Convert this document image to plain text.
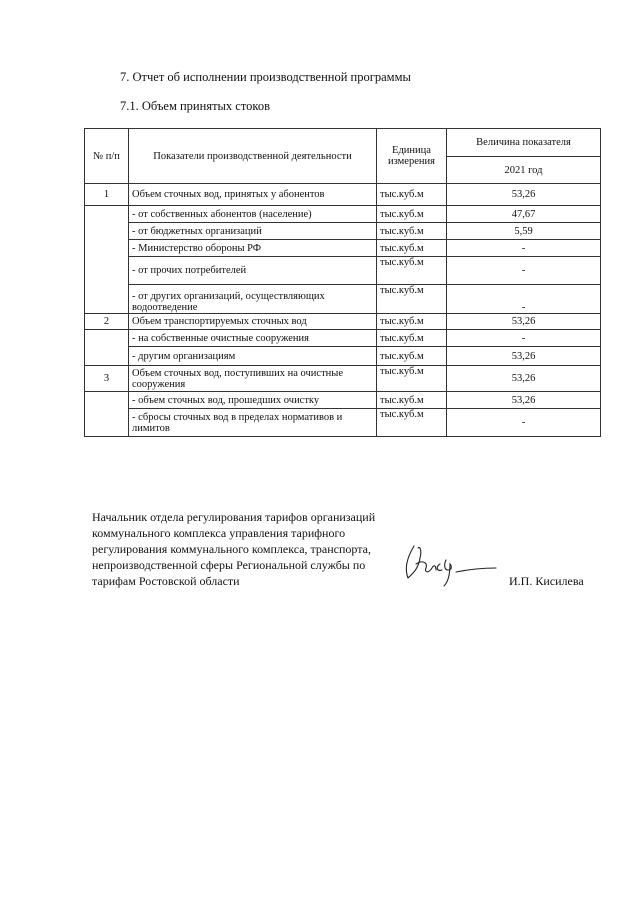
7. Отчет об исполнении производственной программы
7.1. Объем принятых стоков
№ п/п	Показатели производственной деятельности	Единица измерения	Величина показателя
			2021 год
1	Объем сточных вод, принятых у абонентов	тыс.куб.м	53,26
	- от собственных абонентов (население)	тыс.куб.м	47,67
	- от бюджетных организаций	тыс.куб.м	5,59
	- Министерство обороны РФ	тыс.куб.м	-
	- от прочих потребителей	тыс.куб.м	-
	- от других организаций, осуществляющих водоотведение	тыс.куб.м	-
2	Объем транспортируемых сточных вод	тыс.куб.м	53,26
	- на собственные очистные сооружения	тыс.куб.м	-
	- другим организациям	тыс.куб.м	53,26
3	Объем сточных вод, поступивших на очистные сооружения	тыс.куб.м	53,26
	- объем сточных вод, прошедших очистку	тыс.куб.м	53,26
	- сбросы сточных вод в пределах нормативов и лимитов	тыс.куб.м	-
Начальник отдела регулирования тарифов организаций коммунального комплекса управления тарифного регулирования коммунального комплекса, транспорта, непроизводственной сферы Региональной службы по тарифам Ростовской области	И.П. Кисилева
